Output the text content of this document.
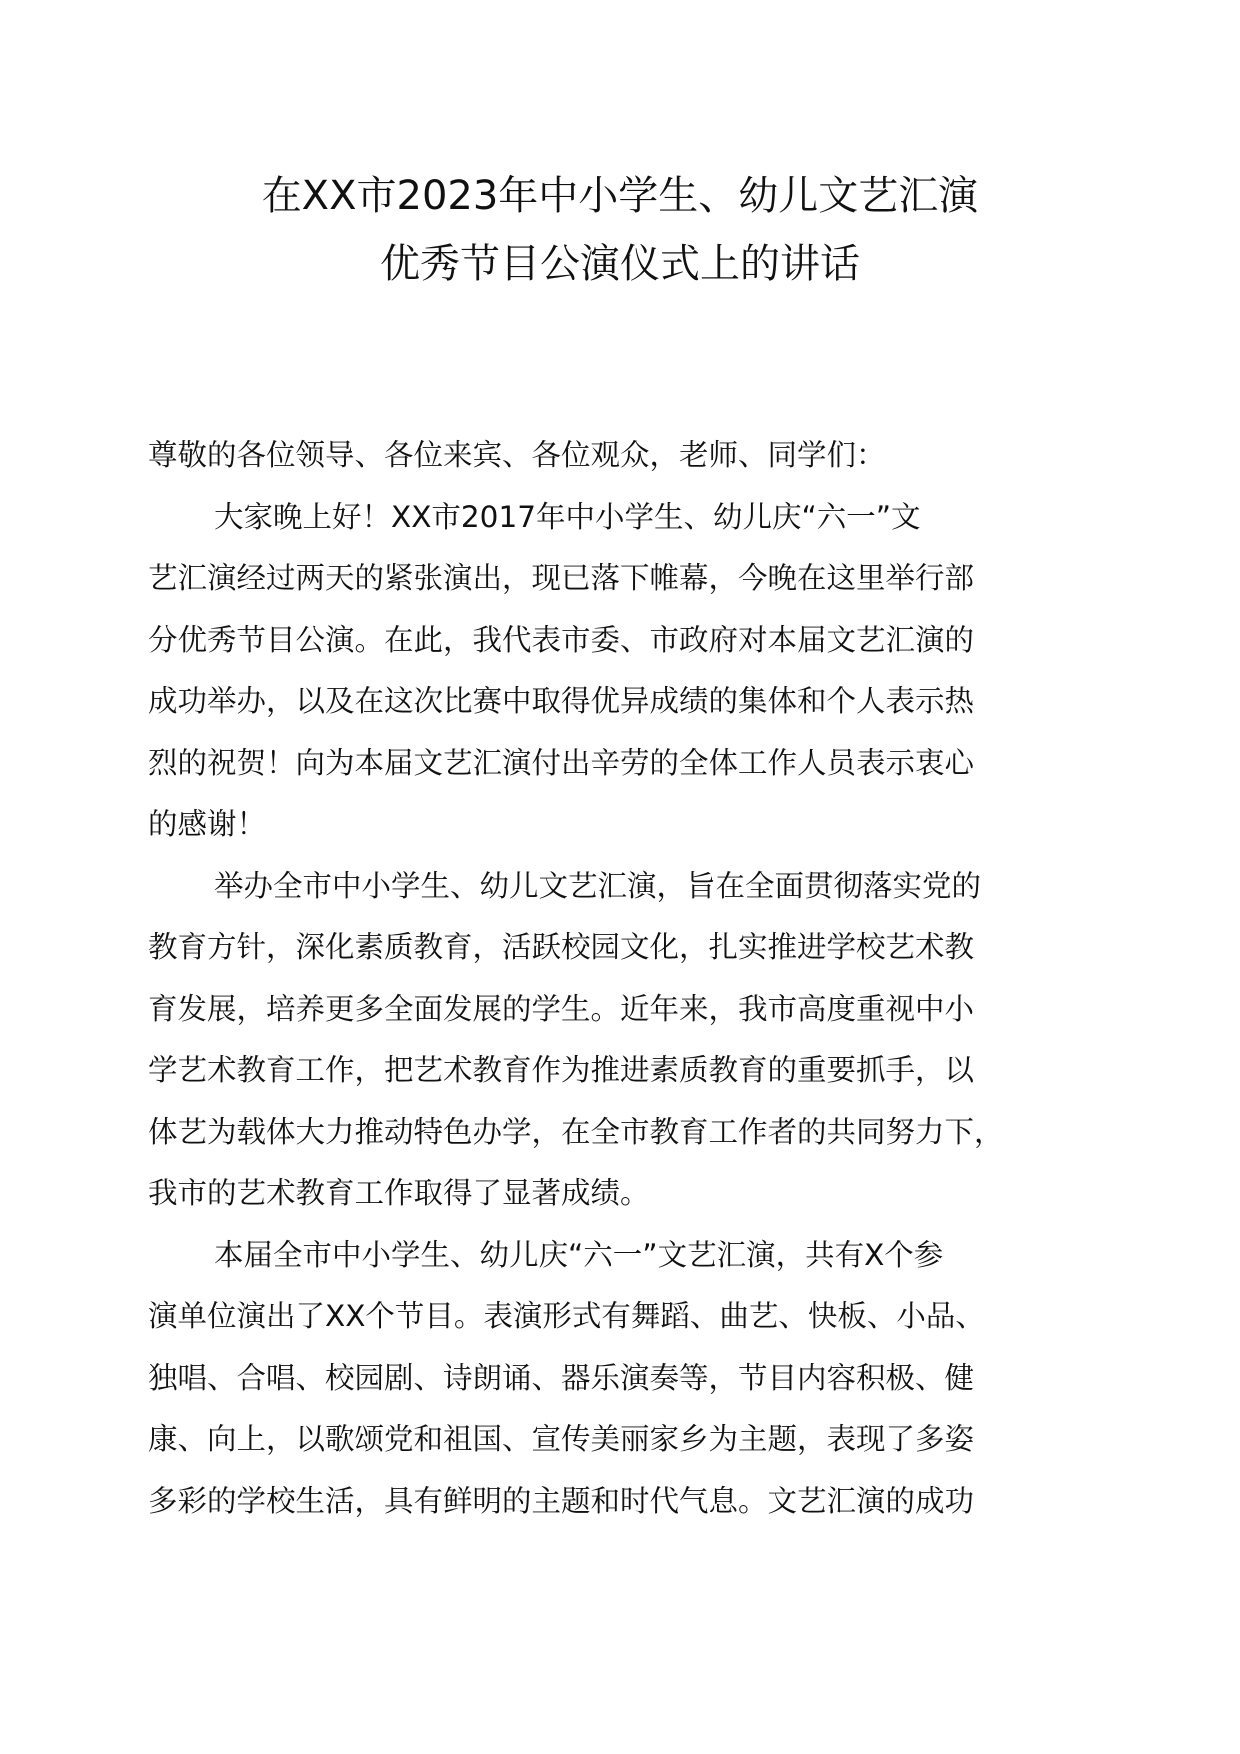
在XX市2023年中小学生、幼儿文艺汇演
优秀节目公演仪式上的讲话

尊敬的各位领导、各位来宾、各位观众，老师、同学们：

大家晚上好！XX市2017年中小学生、幼儿庆“六一”文

艺汇演经过两天的紧张演出，现已落下帷幕，今晚在这里举行部

分优秀节目公演。在此，我代表市委、市政府对本届文艺汇演的

成功举办，以及在这次比赛中取得优异成绩的集体和个人表示热

烈的祝贺！向为本届文艺汇演付出辛劳的全体工作人员表示衷心

的感谢！

举办全市中小学生、幼儿文艺汇演，旨在全面贯彻落实党的

教育方针，深化素质教育，活跃校园文化，扎实推进学校艺术教

育发展，培养更多全面发展的学生。近年来，我市高度重视中小

学艺术教育工作，把艺术教育作为推进素质教育的重要抓手，以

体艺为载体大力推动特色办学，在全市教育工作者的共同努力下，

我市的艺术教育工作取得了显著成绩。

本届全市中小学生、幼儿庆“六一”文艺汇演，共有X个参

演单位演出了XX个节目。表演形式有舞蹈、曲艺、快板、小品、

独唱、合唱、校园剧、诗朗诵、器乐演奏等，节目内容积极、健

康、向上，以歌颂党和祖国、宣传美丽家乡为主题，表现了多姿

多彩的学校生活，具有鲜明的主题和时代气息。文艺汇演的成功
